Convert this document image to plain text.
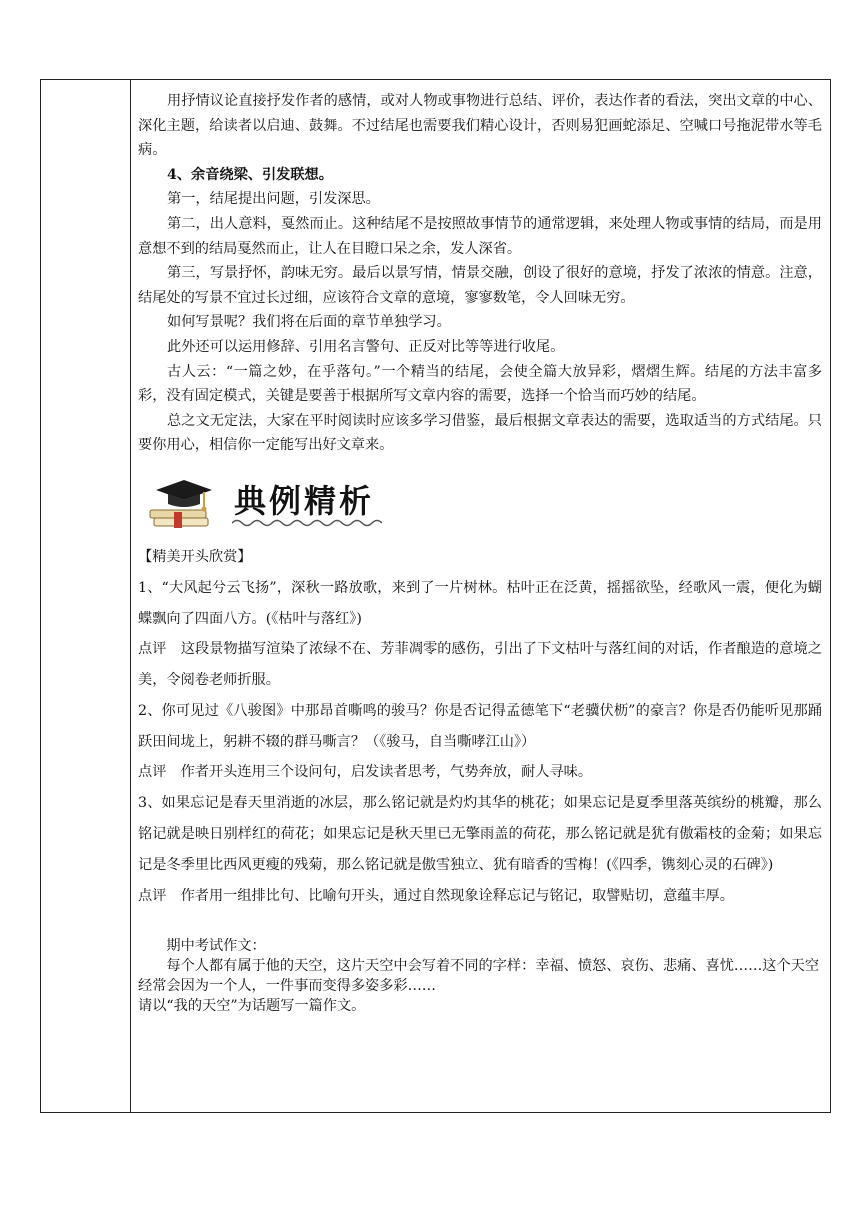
用抒情议论直接抒发作者的感情，或对人物或事物进行总结、评价，表达作者的看法，突出文章的中心、深化主题，给读者以启迪、鼓舞。不过结尾也需要我们精心设计，否则易犯画蛇添足、空喊口号拖泥带水等毛病。

4、余音绕梁、引发联想。

第一，结尾提出问题，引发深思。

第二，出人意料，戛然而止。这种结尾不是按照故事情节的通常逻辑，来处理人物或事情的结局，而是用意想不到的结局戛然而止，让人在目瞪口呆之余，发人深省。

第三，写景抒怀，韵味无穷。最后以景写情，情景交融，创设了很好的意境，抒发了浓浓的情意。注意，结尾处的写景不宜过长过细，应该符合文章的意境，寥寥数笔，令人回味无穷。

如何写景呢？我们将在后面的章节单独学习。

此外还可以运用修辞、引用名言警句、正反对比等等进行收尾。

古人云：“一篇之妙，在乎落句。”一个精当的结尾，会使全篇大放异彩，熠熠生辉。结尾的方法丰富多彩，没有固定模式，关键是要善于根据所写文章内容的需要，选择一个恰当而巧妙的结尾。

总之文无定法，大家在平时阅读时应该多学习借鉴，最后根据文章表达的需要，选取适当的方式结尾。只要你用心，相信你一定能写出好文章来。

典例精析

【精美开头欣赏】

1、“大风起兮云飞扬”，深秋一路放歌，来到了一片树林。枯叶正在泛黄，摇摇欲坠，经歌风一震，便化为蝴蝶飘向了四面八方。(《枯叶与落红》)

点评　这段景物描写渲染了浓绿不在、芳菲凋零的感伤，引出了下文枯叶与落红间的对话，作者酿造的意境之美，令阅卷老师折服。

2、你可见过《八骏图》中那昂首嘶鸣的骏马？你是否记得孟德笔下“老骥伏枥”的豪言？你是否仍能听见那踊跃田间垅上，躬耕不辍的群马嘶言？（《骏马，自当嘶哮江山》）

点评　作者开头连用三个设问句，启发读者思考，气势奔放，耐人寻味。

3、如果忘记是春天里消逝的冰层，那么铭记就是灼灼其华的桃花；如果忘记是夏季里落英缤纷的桃瓣，那么铭记就是映日别样红的荷花；如果忘记是秋天里已无擎雨盖的荷花，那么铭记就是犹有傲霜枝的金菊；如果忘记是冬季里比西风更瘦的残菊，那么铭记就是傲雪独立、犹有暗香的雪梅！(《四季，镌刻心灵的石碑》)

点评　作者用一组排比句、比喻句开头，通过自然现象诠释忘记与铭记，取譬贴切，意蕴丰厚。

　　期中考试作文：

　　每个人都有属于他的天空，这片天空中会写着不同的字样：幸福、愤怒、哀伤、悲痛、喜忧……这个天空经常会因为一个人，一件事而变得多姿多彩……

请以“我的天空”为话题写一篇作文。
